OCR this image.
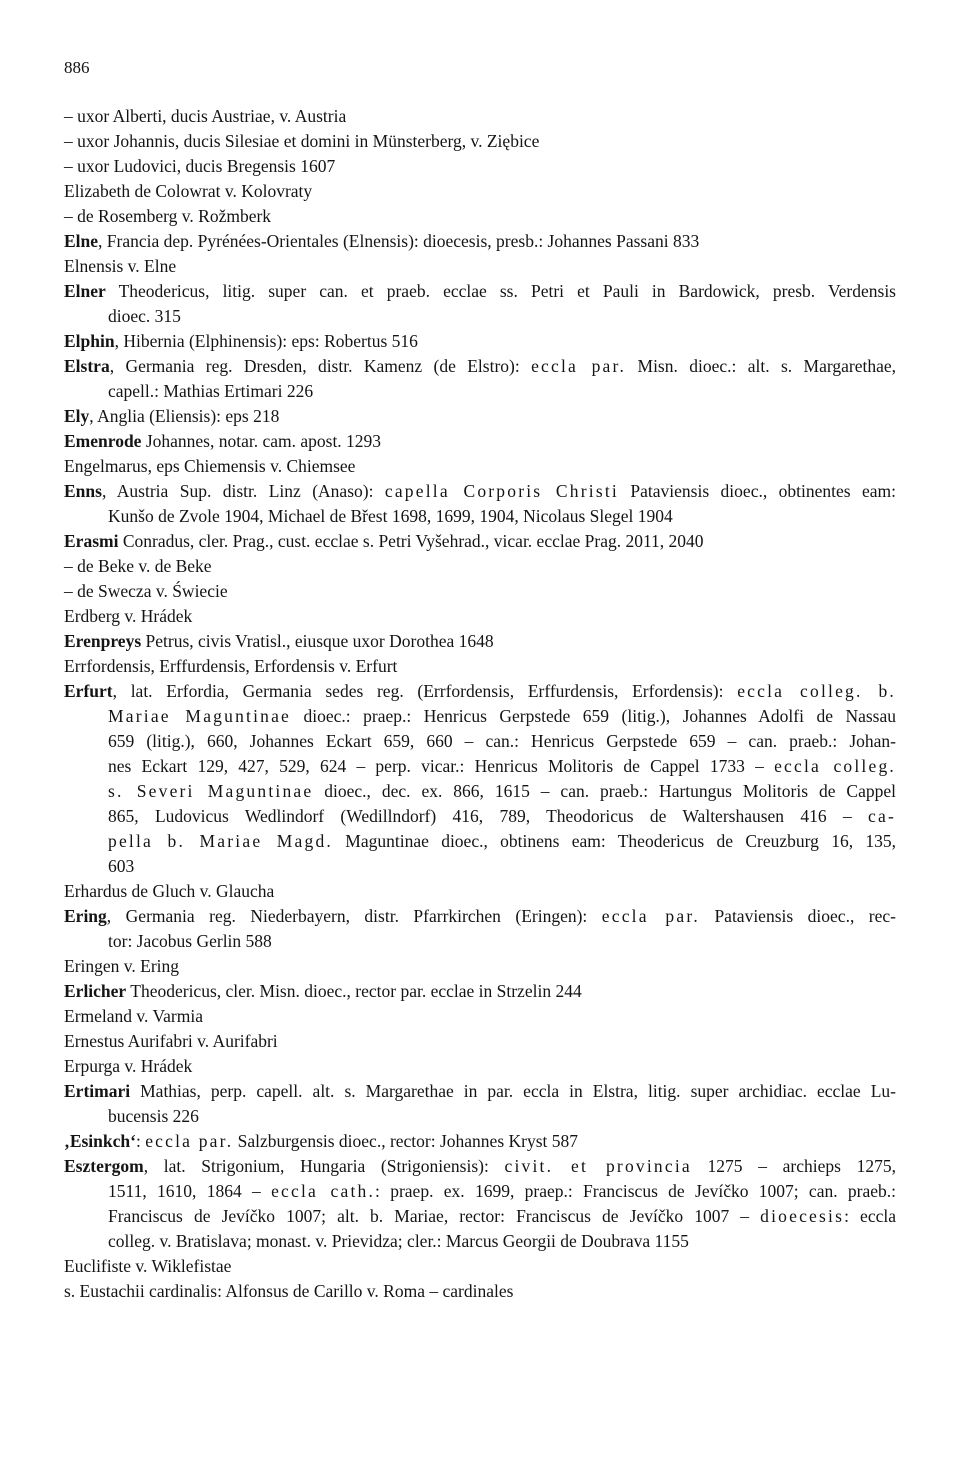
886
– uxor Alberti, ducis Austriae, v. Austria
– uxor Johannis, ducis Silesiae et domini in Münsterberg, v. Ziębice
– uxor Ludovici, ducis Bregensis 1607
Elizabeth de Colowrat v. Kolovraty
– de Rosemberg v. Rožmberk
Elne, Francia dep. Pyrénées-Orientales (Elnensis): dioecesis, presb.: Johannes Passani 833
Elnensis v. Elne
Elner Theodericus, litig. super can. et praeb. ecclae ss. Petri et Pauli in Bardowick, presb. Verdensis
dioec. 315
Elphin, Hibernia (Elphinensis): eps: Robertus 516
Elstra, Germania reg. Dresden, distr. Kamenz (de Elstro): eccla par. Misn. dioec.: alt. s. Margarethae,
capell.: Mathias Ertimari 226
Ely, Anglia (Eliensis): eps 218
Emenrode Johannes, notar. cam. apost. 1293
Engelmarus, eps Chiemensis v. Chiemsee
Enns, Austria Sup. distr. Linz (Anaso): capella Corporis Christi Pataviensis dioec., obtinentes eam:
Kunšo de Zvole 1904, Michael de Břest 1698, 1699, 1904, Nicolaus Slegel 1904
Erasmi Conradus, cler. Prag., cust. ecclae s. Petri Vyšehrad., vicar. ecclae Prag. 2011, 2040
– de Beke v. de Beke
– de Swecza v. Świecie
Erdberg v. Hrádek
Erenpreys Petrus, civis Vratisl., eiusque uxor Dorothea 1648
Errfordensis, Erffurdensis, Erfordensis v. Erfurt
Erfurt, lat. Erfordia, Germania sedes reg. (Errfordensis, Erffurdensis, Erfordensis): eccla colleg. b.
Mariae Maguntinae dioec.: praep.: Henricus Gerpstede 659 (litig.), Johannes Adolfi de Nassau
659 (litig.), 660, Johannes Eckart 659, 660 – can.: Henricus Gerpstede 659 – can. praeb.: Johan-
nes Eckart 129, 427, 529, 624 – perp. vicar.: Henricus Molitoris de Cappel 1733 – eccla colleg.
s. Severi Maguntinae dioec., dec. ex. 866, 1615 – can. praeb.: Hartungus Molitoris de Cappel
865, Ludovicus Wedlindorf (Wedillndorf) 416, 789, Theodoricus de Waltershausen 416 – ca-
pella b. Mariae Magd. Maguntinae dioec., obtinens eam: Theodericus de Creuzburg 16, 135,
603
Erhardus de Gluch v. Glaucha
Ering, Germania reg. Niederbayern, distr. Pfarrkirchen (Eringen): eccla par. Pataviensis dioec., rec-
tor: Jacobus Gerlin 588
Eringen v. Ering
Erlicher Theodericus, cler. Misn. dioec., rector par. ecclae in Strzelin 244
Ermeland v. Varmia
Ernestus Aurifabri v. Aurifabri
Erpurga v. Hrádek
Ertimari Mathias, perp. capell. alt. s. Margarethae in par. eccla in Elstra, litig. super archidiac. ecclae Lu-
bucensis 226
‚Esinkch‘: eccla par. Salzburgensis dioec., rector: Johannes Kryst 587
Esztergom, lat. Strigonium, Hungaria (Strigoniensis): civit. et provincia 1275 – archieps 1275,
1511, 1610, 1864 – eccla cath.: praep. ex. 1699, praep.: Franciscus de Jevíčko 1007; can. praeb.:
Franciscus de Jevíčko 1007; alt. b. Mariae, rector: Franciscus de Jevíčko 1007 – dioecesis: eccla
colleg. v. Bratislava; monast. v. Prievidza; cler.: Marcus Georgii de Doubrava 1155
Euclifiste v. Wiklefistae
s. Eustachii cardinalis: Alfonsus de Carillo v. Roma – cardinales
